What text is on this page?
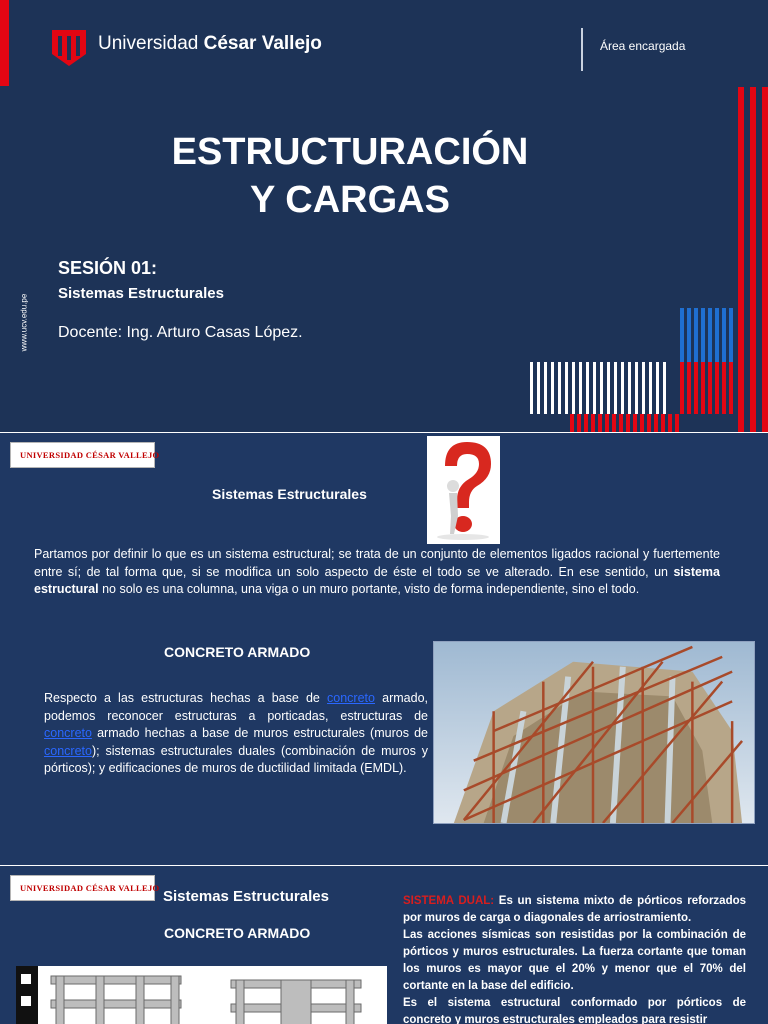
Universidad César Vallejo	Área encargada
ESTRUCTURACIÓN
Y CARGAS
SESIÓN 01:
Sistemas Estructurales
Docente: Ing. Arturo Casas López.
www.ucv.edu.pe
UNIVERSIDAD CÉSAR VALLEJO
Sistemas Estructurales
Partamos por definir lo que es un sistema estructural; se trata de un conjunto de elementos ligados racional y fuertemente entre sí; de tal forma que, si se modifica un solo aspecto de éste el todo se ve alterado. En ese sentido, un sistema estructural no solo es una columna, una viga o un muro portante, visto de forma independiente, sino el todo.
CONCRETO ARMADO
Respecto a las estructuras hechas a base de concreto armado, podemos reconocer estructuras a porticadas, estructuras de concreto armado hechas a base de muros estructurales (muros de concreto); sistemas estructurales duales (combinación de muros y pórticos); y edificaciones de muros de ductilidad limitada (EMDL).
UNIVERSIDAD CÉSAR VALLEJO Sistemas Estructurales
CONCRETO ARMADO
SISTEMA DUAL: Es un sistema mixto de pórticos reforzados por muros de carga o diagonales de arriostramiento.
Las acciones sísmicas son resistidas por la combinación de pórticos y muros estructurales. La fuerza cortante que toman los muros es mayor que el 20% y menor que el 70% del cortante en la base del edificio.
Es el sistema estructural conformado por pórticos de concreto y muros estructurales empleados para resistir
